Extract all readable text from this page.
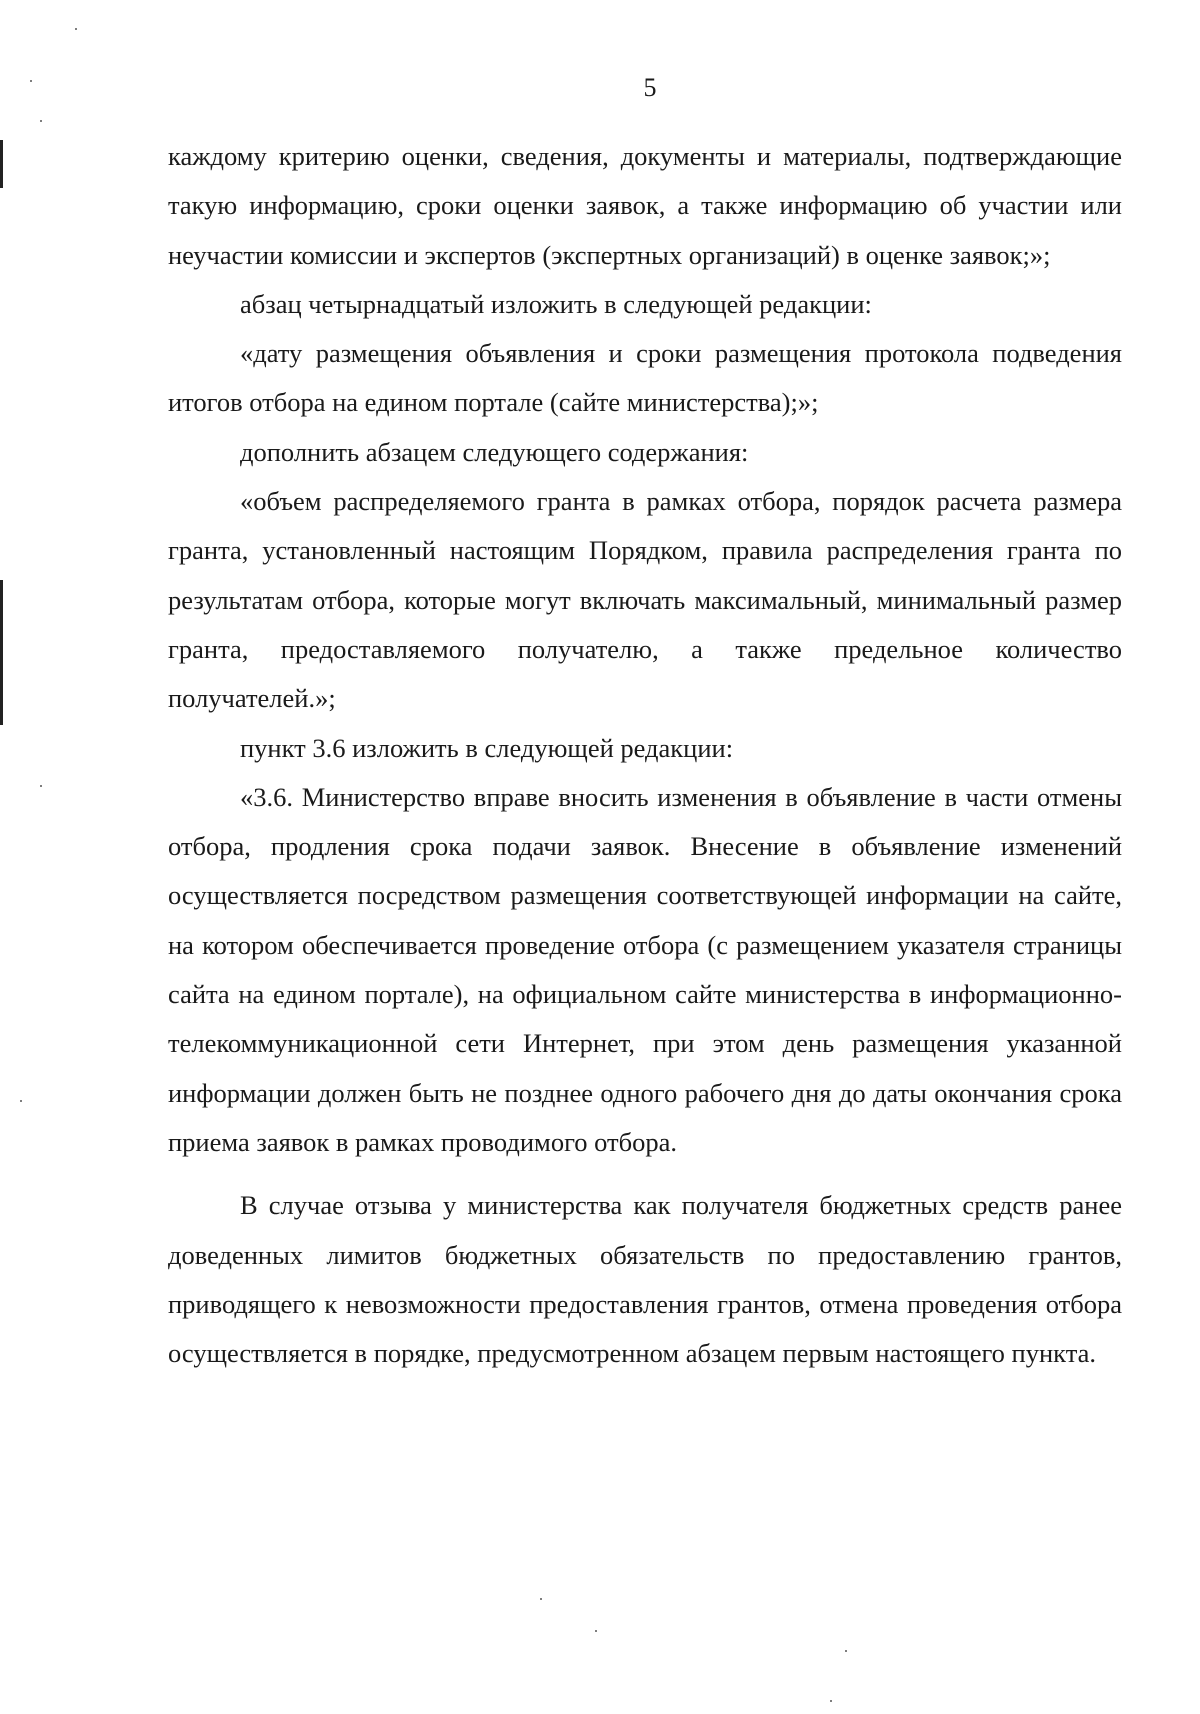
5

каждому критерию оценки, сведения, документы и материалы, подтверждающие такую информацию, сроки оценки заявок, а также информацию об участии или неучастии комиссии и экспертов (экспертных организаций) в оценке заявок;»;

абзац четырнадцатый изложить в следующей редакции:

«дату размещения объявления и сроки размещения протокола подведения итогов отбора на едином портале (сайте министерства);»;

дополнить абзацем следующего содержания:

«объем распределяемого гранта в рамках отбора, порядок расчета размера гранта, установленный настоящим Порядком, правила распределения гранта по результатам отбора, которые могут включать максимальный, минимальный размер гранта, предоставляемого получателю, а также предельное количество получателей.»;

пункт 3.6 изложить в следующей редакции:

«3.6. Министерство вправе вносить изменения в объявление в части отмены отбора, продления срока подачи заявок. Внесение в объявление изменений осуществляется посредством размещения соответствующей информации на сайте, на котором обеспечивается проведение отбора (с размещением указателя страницы сайта на едином портале), на официальном сайте министерства в информационно-телекоммуникационной сети Интернет, при этом день размещения указанной информации должен быть не позднее одного рабочего дня до даты окончания срока приема заявок в рамках проводимого отбора.

В случае отзыва у министерства как получателя бюджетных средств ранее доведенных лимитов бюджетных обязательств по предоставлению грантов, приводящего к невозможности предоставления грантов, отмена проведения отбора осуществляется в порядке, предусмотренном абзацем первым настоящего пункта.
